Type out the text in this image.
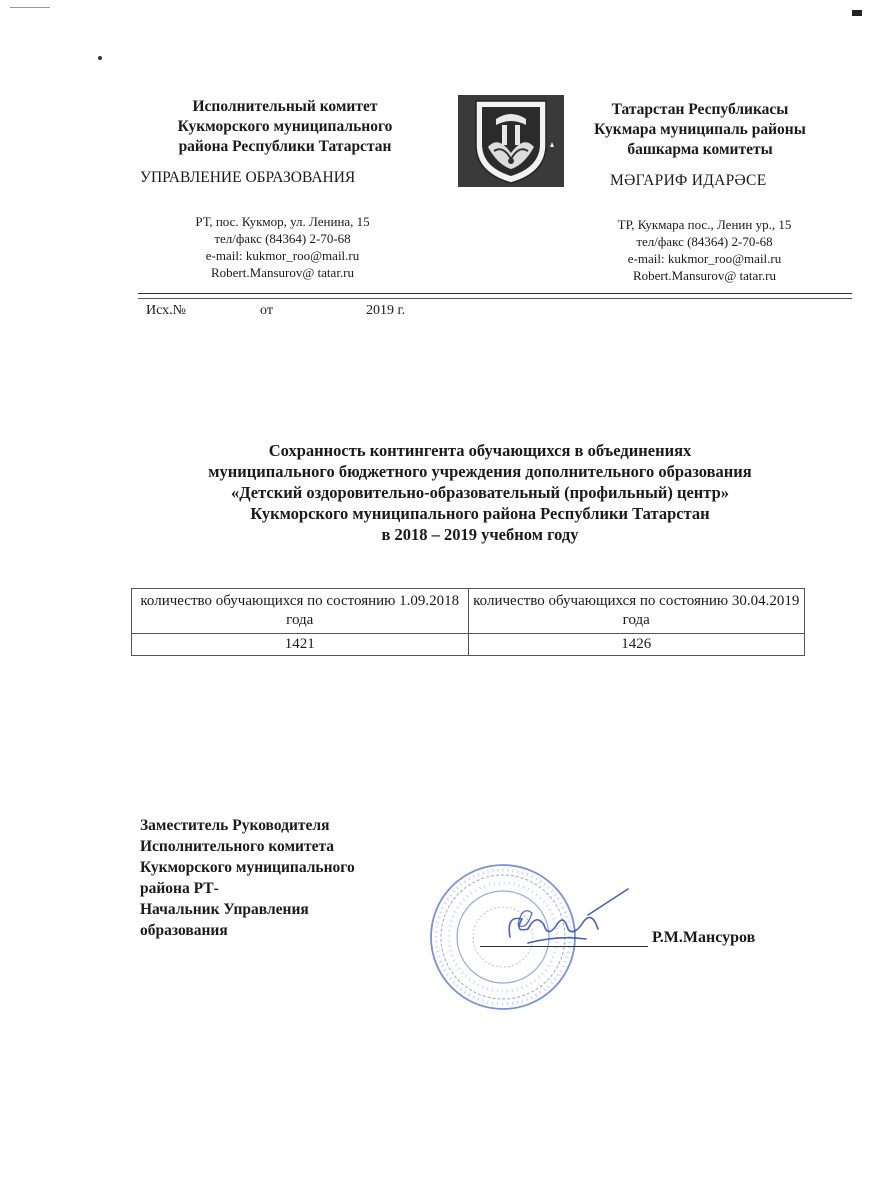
Исполнительный комитет
Кукморского муниципального
района Республики Татарстан
УПРАВЛЕНИЕ ОБРАЗОВАНИЯ
РТ, пос. Кукмор, ул. Ленина, 15
тел/факс (84364) 2-70-68
e-mail: kukmor_roo@mail.ru
Robert.Mansurov@ tatar.ru
Татарстан Республикасы
Кукмара муниципаль районы
башкарма комитеты
МӘГАРИФ ИДАРӘСЕ
ТР, Кукмара пос., Ленин ур., 15
тел/факс (84364) 2-70-68
e-mail: kukmor_roo@mail.ru
Robert.Mansurov@ tatar.ru
Исх.№	от	2019 г.
Сохранность контингента обучающихся в объединениях
муниципального бюджетного учреждения дополнительного образования
«Детский оздоровительно-образовательный (профильный) центр»
Кукморского муниципального района Республики Татарстан
в 2018 – 2019 учебном году
количество обучающихся по состоянию 1.09.2018 года	количество обучающихся по состоянию 30.04.2019 года
1421	1426
Заместитель Руководителя
Исполнительного комитета
Кукморского муниципального
района РТ-
Начальник Управления
образования	Р.М.Мансуров
